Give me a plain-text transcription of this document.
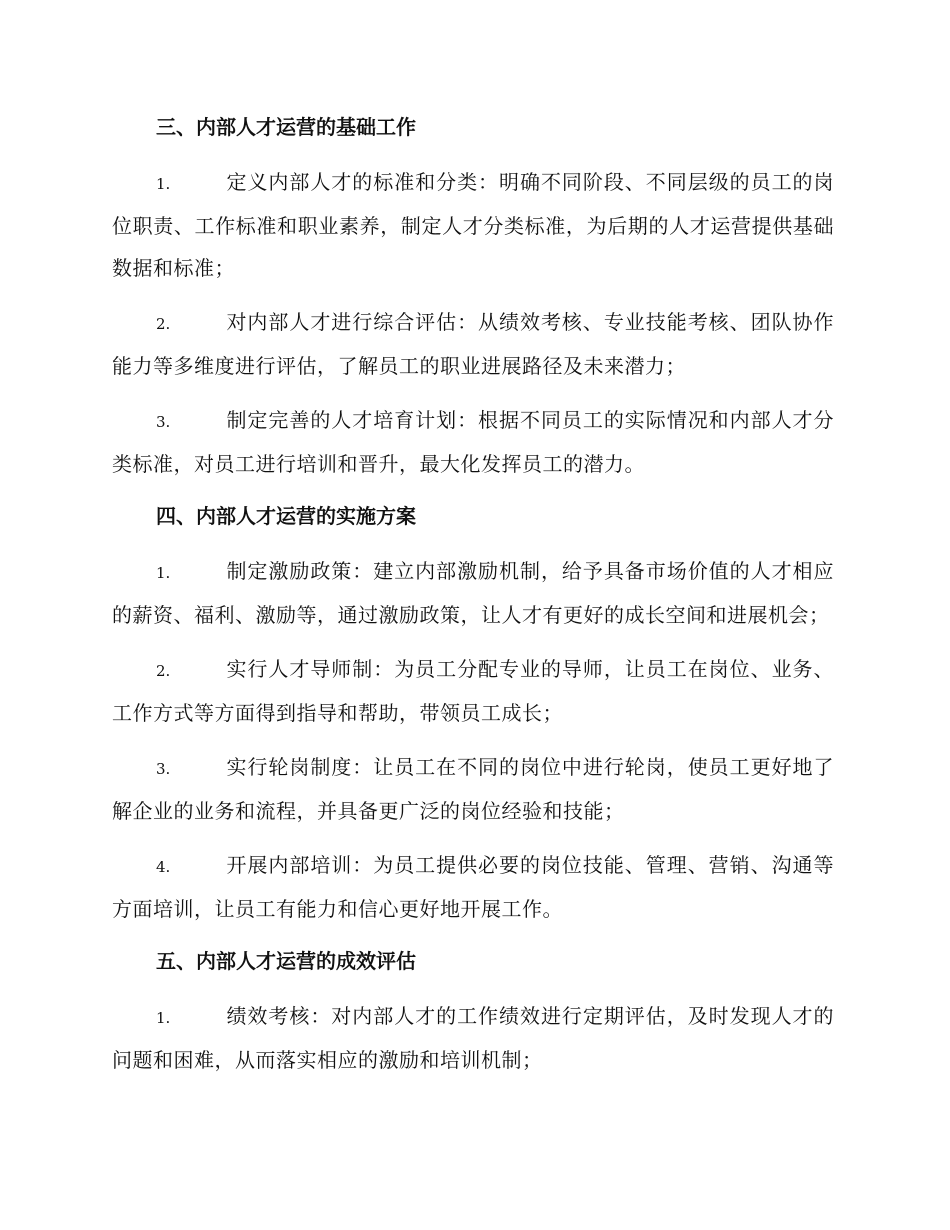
三、内部人才运营的基础工作

1.	定义内部人才的标准和分类：明确不同阶段、不同层级的员工的岗位职责、工作标准和职业素养，制定人才分类标准，为后期的人才运营提供基础数据和标准；

2.	对内部人才进行综合评估：从绩效考核、专业技能考核、团队协作能力等多维度进行评估，了解员工的职业进展路径及未来潜力；

3.	制定完善的人才培育计划：根据不同员工的实际情况和内部人才分类标准，对员工进行培训和晋升，最大化发挥员工的潜力。

四、内部人才运营的实施方案

1.	制定激励政策：建立内部激励机制，给予具备市场价值的人才相应的薪资、福利、激励等，通过激励政策，让人才有更好的成长空间和进展机会；

2.	实行人才导师制：为员工分配专业的导师，让员工在岗位、业务、工作方式等方面得到指导和帮助，带领员工成长；

3.	实行轮岗制度：让员工在不同的岗位中进行轮岗，使员工更好地了解企业的业务和流程，并具备更广泛的岗位经验和技能；

4.	开展内部培训：为员工提供必要的岗位技能、管理、营销、沟通等方面培训，让员工有能力和信心更好地开展工作。

五、内部人才运营的成效评估

1.	绩效考核：对内部人才的工作绩效进行定期评估，及时发现人才的问题和困难，从而落实相应的激励和培训机制；
